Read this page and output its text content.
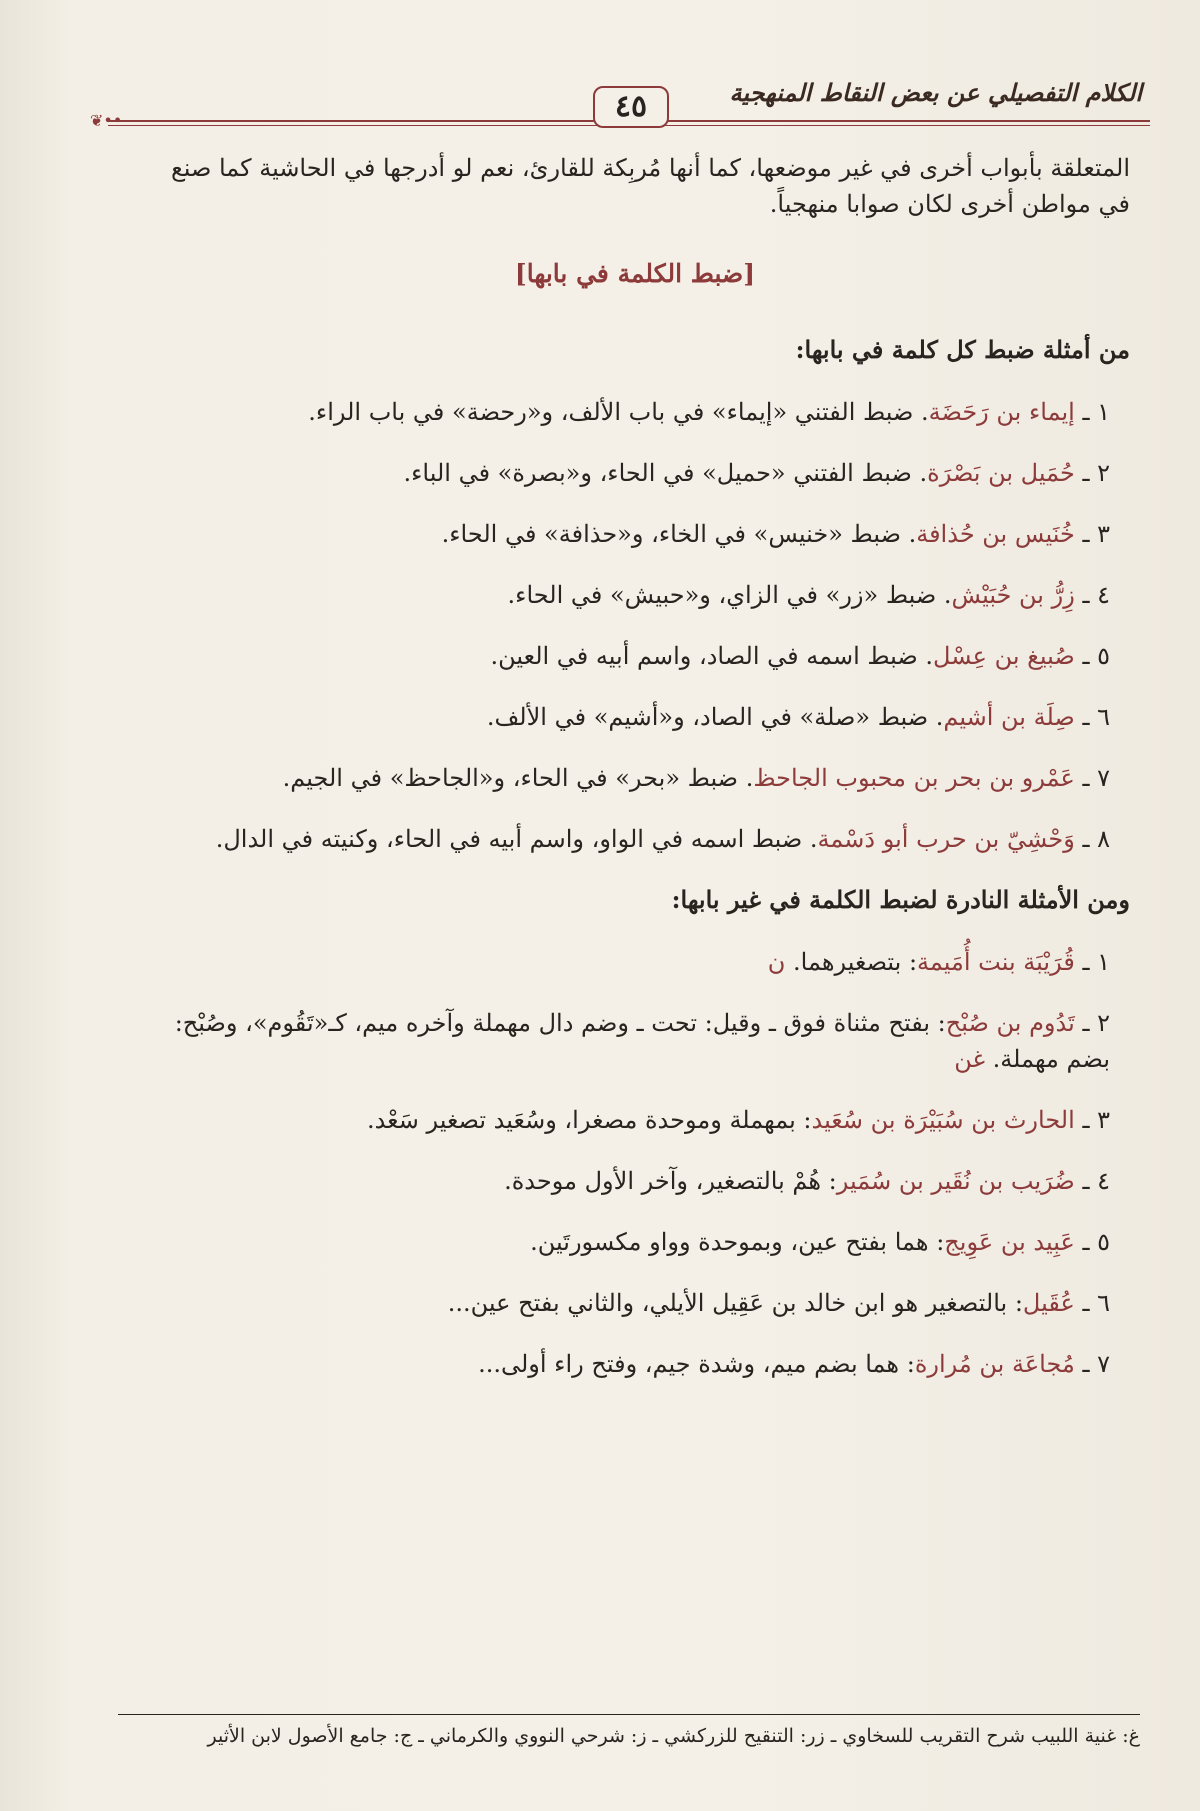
❦••	٤٥	الكلام التفصيلي عن بعض النقاط المنهجية

المتعلقة بأبواب أخرى في غير موضعها، كما أنها مُربِكة للقارئ، نعم لو أدرجها في الحاشية كما صنع

في مواطن أخرى لكان صوابا منهجياً.

[ضبط الكلمة في بابها]

من أمثلة ضبط كل كلمة في بابها:

١ ـ إيماء بن رَحَضَة. ضبط الفتني «إيماء» في باب الألف، و«رحضة» في باب الراء.

٢ ـ حُمَيل بن بَصْرَة. ضبط الفتني «حميل» في الحاء، و«بصرة» في الباء.

٣ ـ خُنَيس بن حُذافة. ضبط «خنيس» في الخاء، و«حذافة» في الحاء.

٤ ـ زِرُّ بن حُبَيْش. ضبط «زر» في الزاي، و«حبيش» في الحاء.

٥ ـ صُبيغ بن عِسْل. ضبط اسمه في الصاد، واسم أبيه في العين.

٦ ـ صِلَة بن أشيم. ضبط «صلة» في الصاد، و«أشيم» في الألف.

٧ ـ عَمْرو بن بحر بن محبوب الجاحظ. ضبط «بحر» في الحاء، و«الجاحظ» في الجيم.

٨ ـ وَحْشِيّ بن حرب أبو دَسْمة. ضبط اسمه في الواو، واسم أبيه في الحاء، وكنيته في الدال.

ومن الأمثلة النادرة لضبط الكلمة في غير بابها:

١ ـ قُرَيْبَة بنت أُمَيمة: بتصغيرهما. ن

٢ ـ تَدُوم بن صُبْح: بفتح مثناة فوق ـ وقيل: تحت ـ وضم دال مهملة وآخره ميم، كـ«تَقُوم»، وصُبْح: بضم مهملة. غن

٣ ـ الحارث بن سُبَيْرَة بن سُعَيد: بمهملة وموحدة مصغرا، وسُعَيد تصغير سَعْد.

٤ ـ ضُرَيب بن نُقَير بن سُمَير: هُمْ بالتصغير، وآخر الأول موحدة.

٥ ـ عَبِيد بن عَوِيج: هما بفتح عين، وبموحدة وواو مكسورتَين.

٦ ـ عُقَيل: بالتصغير هو ابن خالد بن عَقِيل الأيلي، والثاني بفتح عين...

٧ ـ مُجاعَة بن مُرارة: هما بضم ميم، وشدة جيم، وفتح راء أولى...

غ: غنية اللبيب شرح التقريب للسخاوي ـ زر: التنقيح للزركشي ـ ز: شرحي النووي والكرماني ـ ج: جامع الأصول لابن الأثير
